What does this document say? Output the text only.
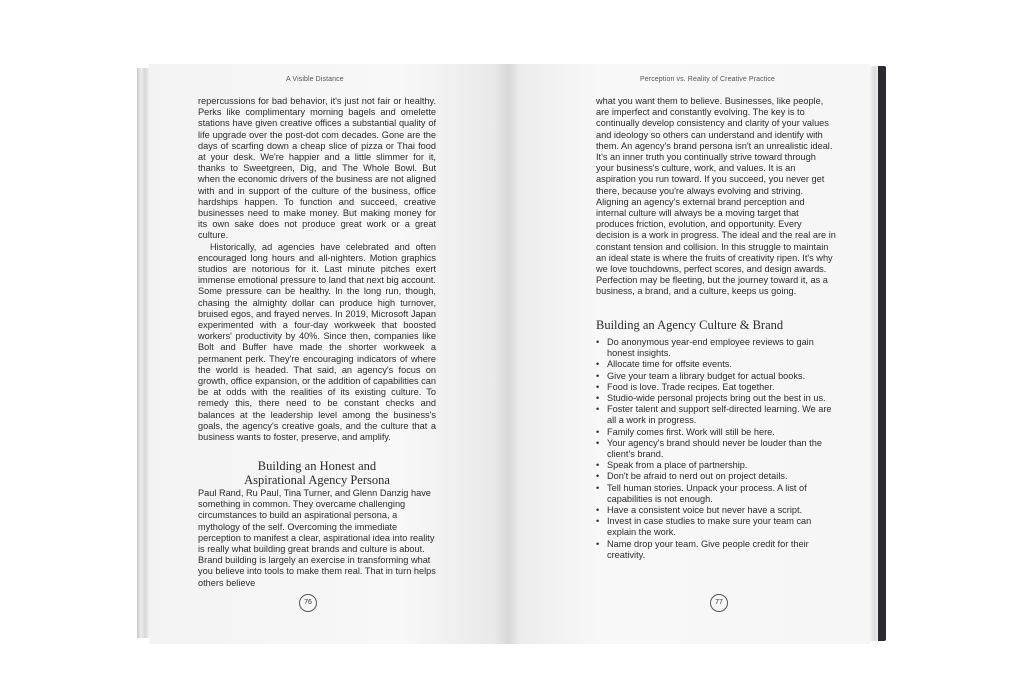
A Visible Distance	Perception vs. Reality of Creative Practice

repercussions for bad behavior, it's just not fair or healthy. Perks like complimentary morning bagels and omelette stations have given creative offices a substantial quality of life upgrade over the post-dot com decades. Gone are the days of scarfing down a cheap slice of pizza or Thai food at your desk. We're happier and a little slimmer for it, thanks to Sweetgreen, Dig, and The Whole Bowl. But when the economic drivers of the business are not aligned with and in support of the culture of the business, office hardships happen. To function and succeed, creative businesses need to make money. But making money for its own sake does not produce great work or a great culture.

Historically, ad agencies have celebrated and often encouraged long hours and all-nighters. Motion graphics studios are notorious for it. Last minute pitches exert immense emotional pressure to land that next big account. Some pressure can be healthy. In the long run, though, chasing the almighty dollar can produce high turnover, bruised egos, and frayed nerves. In 2019, Microsoft Japan experimented with a four-day workweek that boosted workers' productivity by 40%. Since then, companies like Bolt and Buffer have made the shorter workweek a permanent perk. They're encouraging indicators of where the world is headed. That said, an agency's focus on growth, office expansion, or the addition of capabilities can be at odds with the realities of its existing culture. To remedy this, there need to be constant checks and balances at the leadership level among the business's goals, the agency's creative goals, and the culture that a business wants to foster, preserve, and amplify.

Building an Honest and
Aspirational Agency Persona

Paul Rand, Ru Paul, Tina Turner, and Glenn Danzig have something in common. They overcame challenging circumstances to build an aspirational persona, a mythology of the self. Overcoming the immediate perception to manifest a clear, aspirational idea into reality is really what building great brands and culture is about. Brand building is largely an exercise in transforming what you believe into tools to make them real. That in turn helps others believe

76

what you want them to believe. Businesses, like people, are imperfect and constantly evolving. The key is to continually develop consistency and clarity of your values and ideology so others can understand and identify with them. An agency's brand persona isn't an unrealistic ideal. It's an inner truth you continually strive toward through your business's culture, work, and values. It is an aspiration you run toward. If you succeed, you never get there, because you're always evolving and striving. Aligning an agency's external brand perception and internal culture will always be a moving target that produces friction, evolution, and opportunity. Every decision is a work in progress. The ideal and the real are in constant tension and collision. In this struggle to maintain an ideal state is where the fruits of creativity ripen. It's why we love touchdowns, perfect scores, and design awards. Perfection may be fleeting, but the journey toward it, as a business, a brand, and a culture, keeps us going.

Building an Agency Culture & Brand
• Do anonymous year-end employee reviews to gain honest insights.
• Allocate time for offsite events.
• Give your team a library budget for actual books.
• Food is love. Trade recipes. Eat together.
• Studio-wide personal projects bring out the best in us.
• Foster talent and support self-directed learning. We are all a work in progress.
• Family comes first. Work will still be here.
• Your agency's brand should never be louder than the client's brand.
• Speak from a place of partnership.
• Don't be afraid to nerd out on project details.
• Tell human stories. Unpack your process. A list of capabilities is not enough.
• Have a consistent voice but never have a script.
• Invest in case studies to make sure your team can explain the work.
• Name drop your team. Give people credit for their creativity.
77
